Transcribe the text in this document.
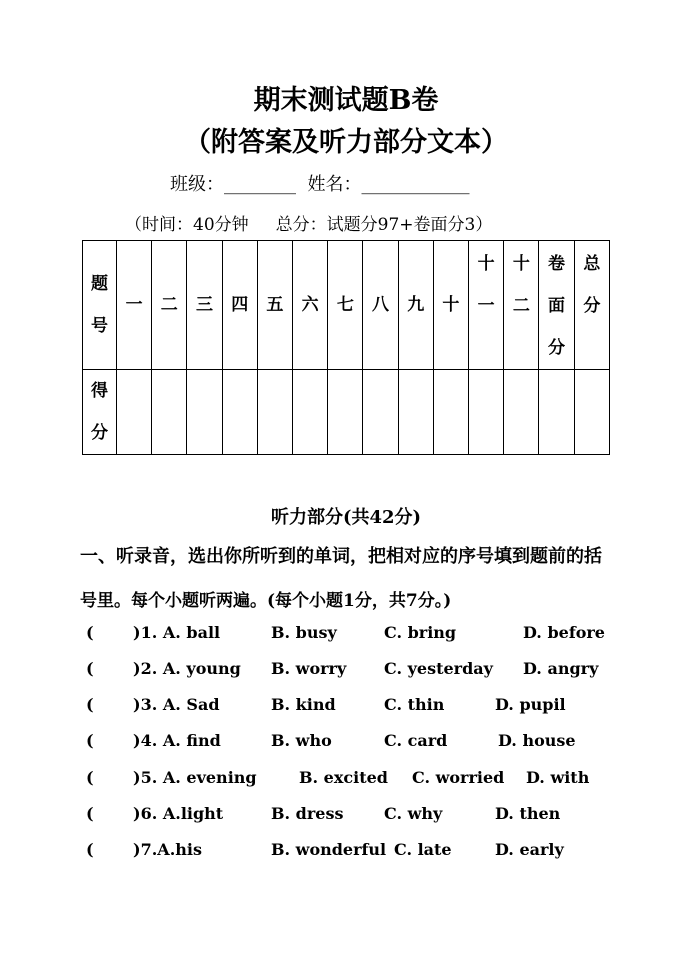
期末测试题B卷
（附答案及听力部分文本）
班级：________ 姓名：____________
（时间：40分钟     总分：试题分97+卷面分3）
题号	一	二	三	四	五	六	七	八	九	十	十一	十二	卷面分	总分

得分														

听力部分(共42分)
一、听录音，选出你所听到的单词，把相对应的序号填到题前的括
号里。每个小题听两遍。(每个小题1分，共7分。)
( )1. A. ball	B. busy	C. bring	D. before
( )2. A. young B. worry C. yesterday D. angry
( )3. A. Sad	B. kind	C. thin	D. pupil
( )4. A. find	B. who	C. card	D. house
( )5. A. evening	B. excited C. worried D. with
( )6. A.light	B. dress	C. why	D. then
( )7.A.his	B. wonderful C. late	D. early
